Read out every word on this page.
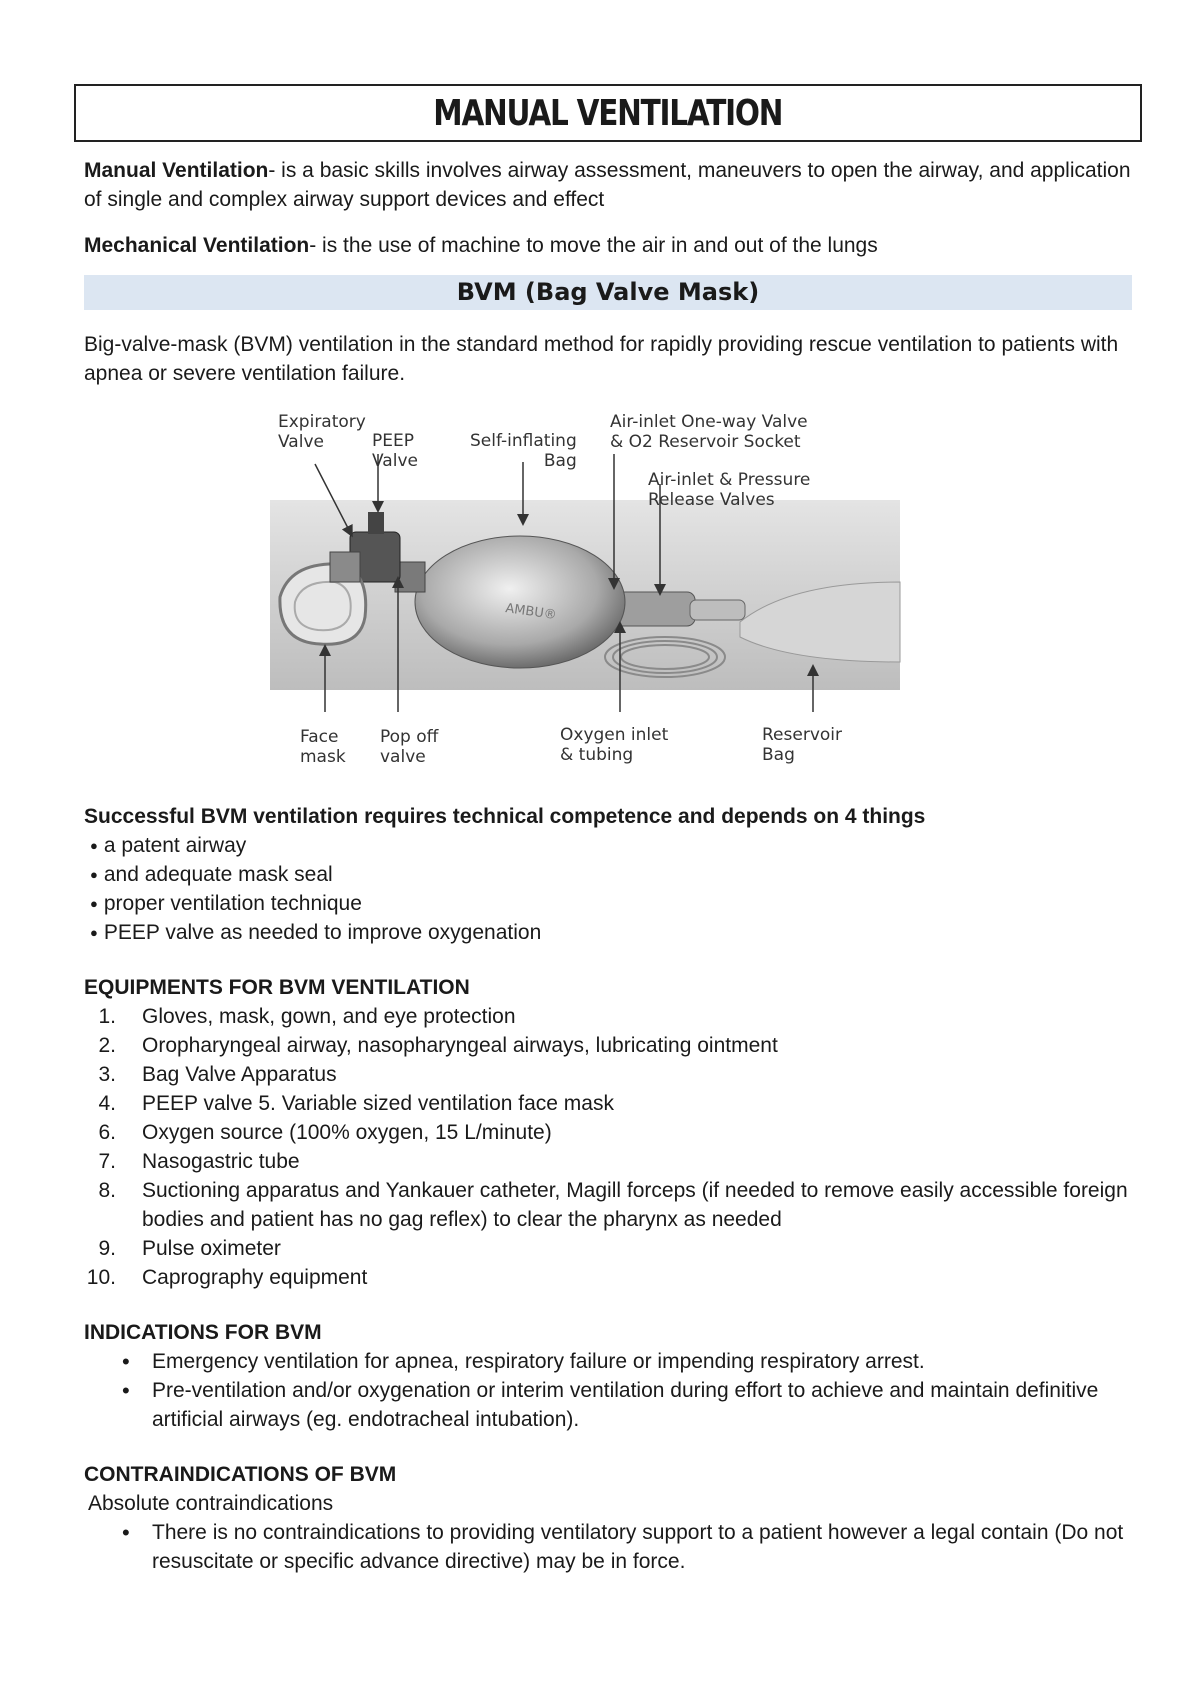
MANUAL VENTILATION

Manual Ventilation- is a basic skills involves airway assessment, maneuvers to open the airway, and application of single and complex airway support devices and effect

Mechanical Ventilation- is the use of machine to move the air in and out of the lungs

BVM (Bag Valve Mask)

Big-valve-mask (BVM) ventilation in the standard method for rapidly providing rescue ventilation to patients with apnea or severe ventilation failure.

AMBU®
Expiratory
Valve	PEEP
Valve
Self-inflating
Bag
Air-inlet One-way Valve
& O2 Reservoir Socket
Air-inlet & Pressure
Release Valves
Face
mask
Pop off
valve
Oxygen inlet
& tubing
Reservoir
Bag

Successful BVM ventilation requires technical competence and depends on 4 things

● a patent airway
● and adequate mask seal
● proper ventilation technique
● PEEP valve as needed to improve oxygenation

EQUIPMENTS FOR BVM VENTILATION

1.	Gloves, mask, gown, and eye protection
2.	Oropharyngeal airway, nasopharyngeal airways, lubricating ointment
3.	Bag Valve Apparatus
4.	PEEP valve 5. Variable sized ventilation face mask
6.	Oxygen source (100% oxygen, 15 L/minute)
7.	Nasogastric tube
8.	Suctioning apparatus and Yankauer catheter, Magill forceps (if needed to remove easily accessible foreign bodies and patient has no gag reflex) to clear the pharynx as needed
9.	Pulse oximeter
10.	Caprography equipment

INDICATIONS FOR BVM

• Emergency ventilation for apnea, respiratory failure or impending respiratory arrest.
• Pre-ventilation and/or oxygenation or interim ventilation during effort to achieve and maintain definitive artificial airways (eg. endotracheal intubation).

CONTRAINDICATIONS OF BVM

Absolute contraindications

• There is no contraindications to providing ventilatory support to a patient however a legal contain (Do not resuscitate or specific advance directive) may be in force.
